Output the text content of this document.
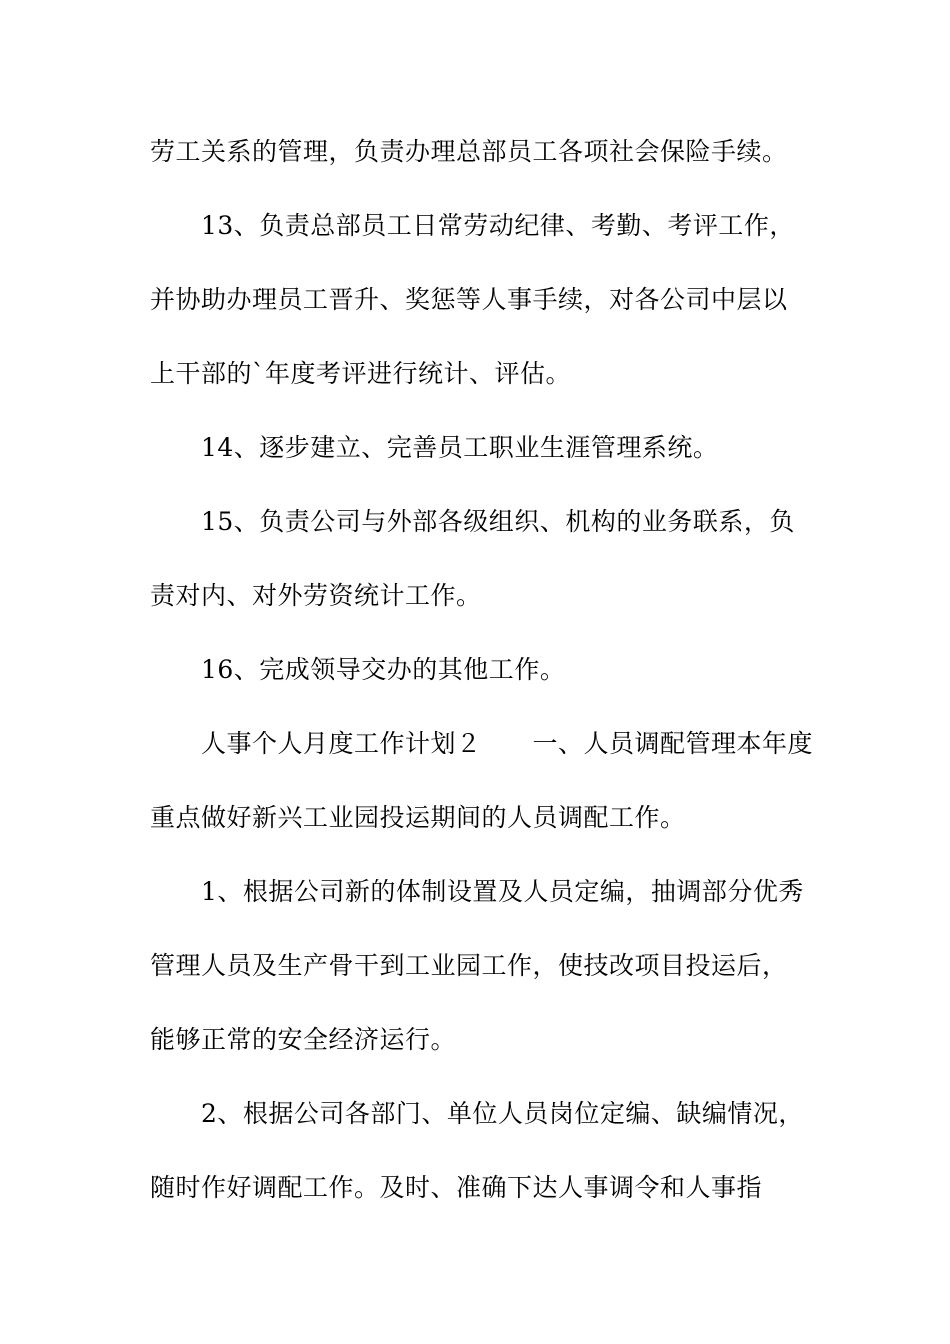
劳工关系的管理，负责办理总部员工各项社会保险手续。
13、负责总部员工日常劳动纪律、考勤、考评工作，
并协助办理员工晋升、奖惩等人事手续，对各公司中层以
上干部的`年度考评进行统计、评估。
14、逐步建立、完善员工职业生涯管理系统。
15、负责公司与外部各级组织、机构的业务联系，负
责对内、对外劳资统计工作。
16、完成领导交办的其他工作。
人事个人月度工作计划２　　一、人员调配管理本年度
重点做好新兴工业园投运期间的人员调配工作。
1、根据公司新的体制设置及人员定编，抽调部分优秀
管理人员及生产骨干到工业园工作，使技改项目投运后，
能够正常的安全经济运行。
2、根据公司各部门、单位人员岗位定编、缺编情况，
随时作好调配工作。及时、准确下达人事调令和人事指
